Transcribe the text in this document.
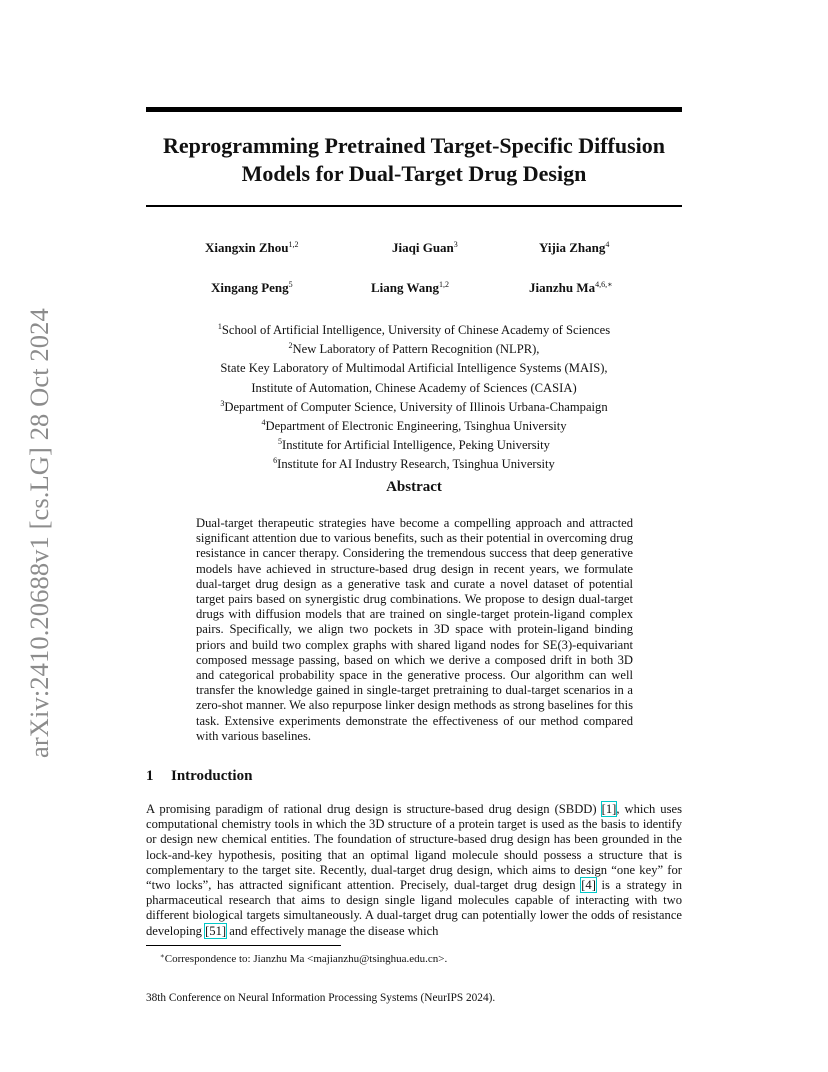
arXiv:2410.20688v1 [cs.LG] 28 Oct 2024
Reprogramming Pretrained Target-Specific Diffusion Models for Dual-Target Drug Design
Xiangxin Zhou$^{1,2}$	Jiaqi Guan$^3$	Yijia Zhang$^4$
Xingang Peng$^5$	Liang Wang$^{1,2}$	Jianzhu $Ma^{4,6,∗}$
$^1$School of Artificial Intelligence, University of Chinese Academy of Sciences
$^2$New Laboratory of Pattern Recognition (NLPR),
State Key Laboratory of Multimodal Artificial Intelligence Systems (MAIS),
Institute of Automation, Chinese Academy of Sciences (CASIA)
$^3$Department of Computer Science, University of Illinois Urbana-Champaign
$^4$Department of Electronic Engineering, Tsinghua University
$^5$Institute for Artificial Intelligence, Peking University
$^6$Institute for AI Industry Research, Tsinghua University
Abstract

Dual-target therapeutic strategies have become a compelling approach and attracted significant attention due to various benefits, such as their potential in overcoming drug resistance in cancer therapy. Considering the tremendous success that deep generative models have achieved in structure-based drug design in recent years, we formulate dual-target drug design as a generative task and curate a novel dataset of potential target pairs based on synergistic drug combinations. We propose to design dual-target drugs with diffusion models that are trained on single-target protein-ligand complex pairs. Specifically, we align two pockets in 3D space with protein-ligand binding priors and build two complex graphs with shared ligand nodes for SE(3)-equivariant composed message passing, based on which we derive a composed drift in both 3D and categorical probability space in the generative process. Our algorithm can well transfer the knowledge gained in single-target pretraining to dual-target scenarios in a zero-shot manner. We also repurpose linker design methods as strong baselines for this task. Extensive experiments demonstrate the effectiveness of our method compared with various baselines.

1 Introduction

A promising paradigm of rational drug design is structure-based drug design (SBDD) [1], which uses computational chemistry tools in which the 3D structure of a protein target is used as the basis to identify or design new chemical entities. The foundation of structure-based drug design has been grounded in the lock-and-key hypothesis, positing that an optimal ligand molecule should possess a structure that is complementary to the target site. Recently, dual-target drug design, which aims to design “one key” for “two locks”, has attracted significant attention. Precisely, dual-target drug design [4] is a strategy in pharmaceutical research that aims to design single ligand molecules capable of interacting with two different biological targets simultaneously. A dual-target drug can potentially lower the odds of resistance developing [51] and effectively manage the disease which

∗Correspondence to: Jianzhu Ma <majianzhu@tsinghua.edu.cn>.
38th Conference on Neural Information Processing Systems (NeurIPS 2024).
